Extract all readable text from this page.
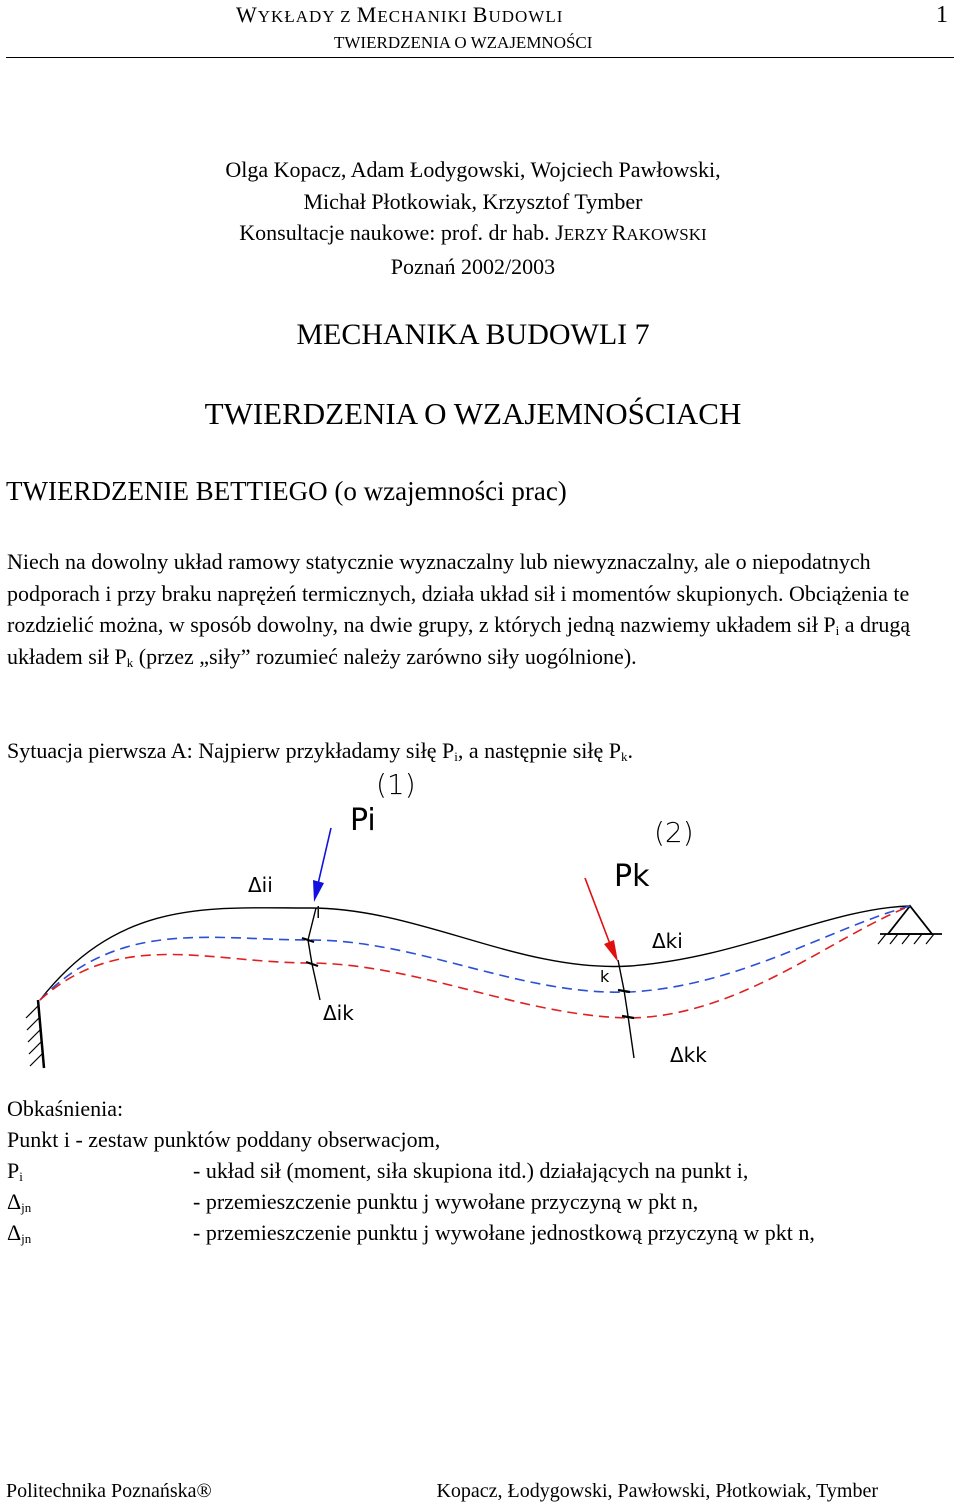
WYKŁADY Z MECHANIKI BUDOWLI
TWIERDZENIA O WZAJEMNOŚCI
1
Olga Kopacz, Adam Łodygowski, Wojciech Pawłowski,
Michał Płotkowiak, Krzysztof Tymber
Konsultacje naukowe: prof. dr hab. JERZY RAKOWSKI
Poznań 2002/2003
MECHANIKA BUDOWLI 7
TWIERDZENIA O WZAJEMNOŚCIACH
TWIERDZENIE BETTIEGO (o wzajemności prac)
Niech na dowolny układ ramowy statycznie wyznaczalny lub niewyznaczalny, ale o niepodatnych podporach i przy braku naprężeń termicznych, działa układ sił i momentów skupionych. Obciążenia te rozdzielić można, w sposób dowolny, na dwie grupy, z których jedną nazwiemy układem sił $P_i$ a drugą układem sił $P_k$ (przez „siły” rozumieć należy zarówno siły uogólnione).
Sytuacja pierwsza A: Najpierw przykładamy siłę $P_i$, a następnie siłę $P_k$.
(1)
(2)
Pi
Pk
i
k
Δii
Δik
Δki
Δkk
Obkaśnienia:
Punkt i - zestaw punktów poddany obserwacjom,
$P_i$	- układ sił (moment, siła skupiona itd.) działających na punkt i,
$\Delta_{jn}$	- przemieszczenie punktu j wywołane przyczyną w pkt n,
$\Delta_{jn}$	- przemieszczenie punktu j wywołane jednostkową przyczyną w pkt n,
Politechnika Poznańska®	Kopacz, Łodygowski, Pawłowski, Płotkowiak, Tymber
